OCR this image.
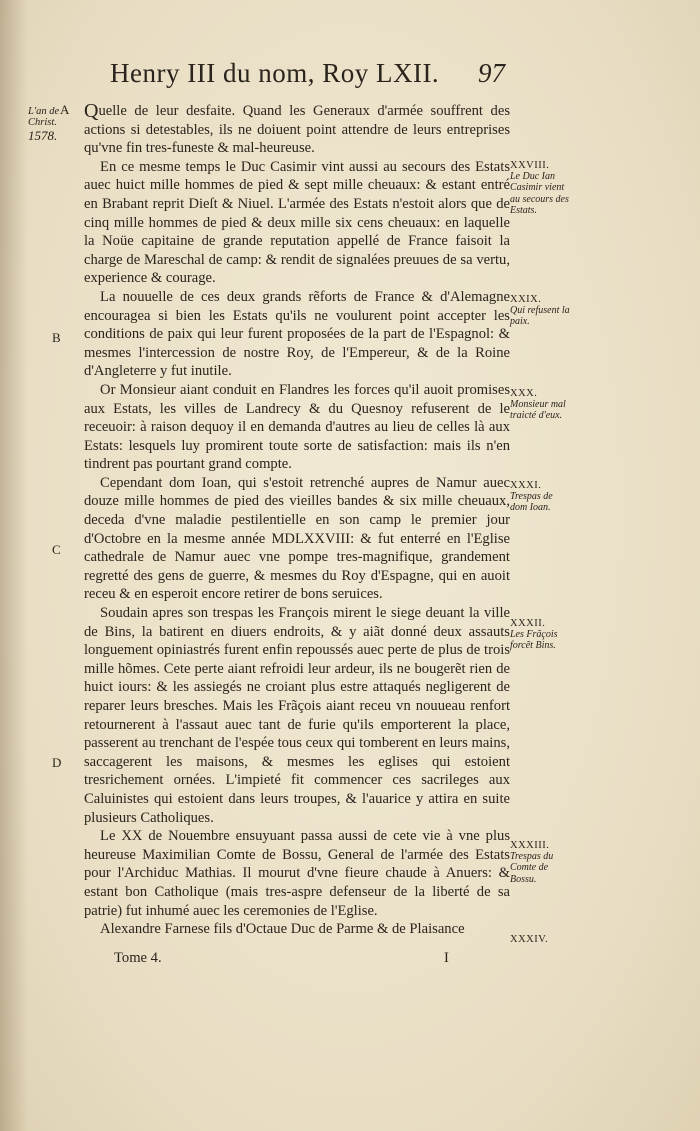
Henry III du nom, Roy LXII.	97
L'an de
Christ.
1578.
A
B
C
D

Quelle de leur desfaite. Quand les Generaux d'armée souffrent des actions si detestables, ils ne doiuent point attendre de leurs entreprises qu'vne fin tres-funeste & mal-heureuse.

En ce mesme temps le Duc Casimir vint aussi au secours des Estats auec huict mille hommes de pied & sept mille cheuaux: & estant entré en Brabant reprit Dieſt & Niuel. L'armée des Estats n'estoit alors que de cinq mille hommes de pied & deux mille six cens cheuaux: en laquelle la Noüe capitaine de grande reputation appellé de France faisoit la charge de Mareschal de camp: & rendit de signalées preuues de sa vertu, experience & courage.

La nouuelle de ces deux grands rẽforts de France & d'Alemagne encouragea si bien les Estats qu'ils ne voulurent point accepter les conditions de paix qui leur furent proposées de la part de l'Espagnol: & mesmes l'intercession de nostre Roy, de l'Empereur, & de la Roine d'Angleterre y fut inutile.

Or Monsieur aiant conduit en Flandres les forces qu'il auoit promises aux Estats, les villes de Landrecy & du Quesnoy refuserent de le receuoir: à raison dequoy il en demanda d'autres au lieu de celles là aux Estats: lesquels luy promirent toute sorte de satisfaction: mais ils n'en tindrent pas pourtant grand compte.

Cependant dom Ioan, qui s'estoit retrenché aupres de Namur auec douze mille hommes de pied des vieilles bandes & six mille cheuaux, deceda d'vne maladie pestilentielle en son camp le premier jour d'Octobre en la mesme année MDLXXVIII: & fut enterré en l'Eglise cathedrale de Namur auec vne pompe tres-magnifique, grandement regretté des gens de guerre, & mesmes du Roy d'Espagne, qui en auoit receu & en esperoit encore retirer de bons seruices.

Soudain apres son trespas les François mirent le siege deuant la ville de Bins, la batirent en diuers endroits, & y aiãt donné deux assauts longuement opiniastrés furent enfin repoussés auec perte de plus de trois mille hõmes. Cete perte aiant refroidi leur ardeur, ils ne bougerẽt rien de huict iours: & les assiegés ne croiant plus estre attaqués negligerent de reparer leurs bresches. Mais les Frãçois aiant receu vn nouueau renfort retournerent à l'assaut auec tant de furie qu'ils emporterent la place, passerent au trenchant de l'espée tous ceux qui tomberent en leurs mains, saccagerent les maisons, & mesmes les eglises qui estoient tresrichement ornées. L'impieté fit commencer ces sacrileges aux Caluinistes qui estoient dans leurs troupes, & l'auarice y attira en suite plusieurs Catholiques.

Le XX de Nouembre ensuyuant passa aussi de cete vie à vne plus heureuse Maximilian Comte de Bossu, General de l'armée des Estats pour l'Archiduc Mathias. Il mourut d'vne fieure chaude à Anuers: & estant bon Catholique (mais tres-aspre defenseur de la liberté de sa patrie) fut inhumé auec les ceremonies de l'Eglise.

Alexandre Farnese fils d'Octaue Duc de Parme & de Plaisance

XXVIII.
Le Duc Ian Casimir vient au secours des Estats.
XXIX.
Qui refusent la paix.
XXX.
Monsieur mal traicté d'eux.
XXXI.
Trespas de dom Ioan.
XXXII.
Les Frãçois forcẽt Bins.
XXXIII.
Trespas du Comte de Bossu.
XXXIV.
Tome 4.	I
